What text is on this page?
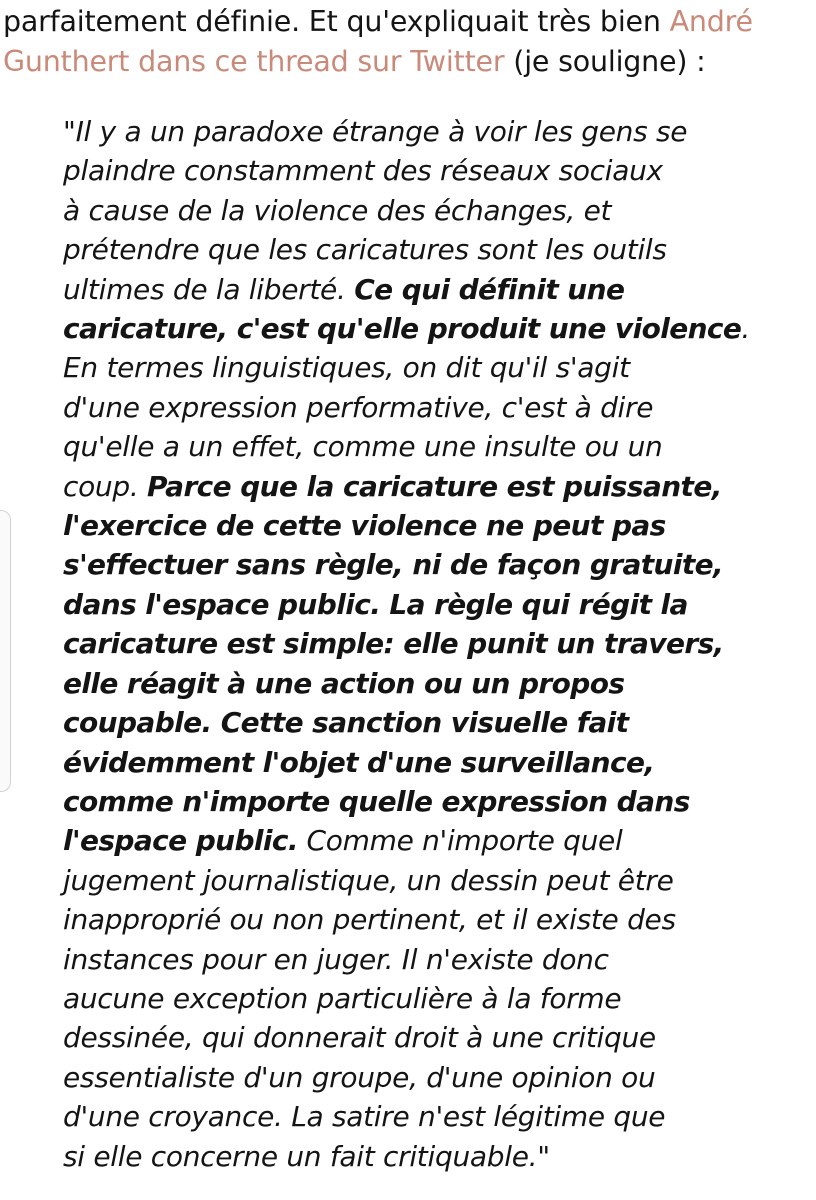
parfaitement définie. Et qu'expliquait très bien André
Gunthert dans ce thread sur Twitter (je souligne) :

"Il y a un paradoxe étrange à voir les gens se
plaindre constamment des réseaux sociaux
à cause de la violence des échanges, et
prétendre que les caricatures sont les outils
ultimes de la liberté. Ce qui définit une
caricature, c'est qu'elle produit une violence.
En termes linguistiques, on dit qu'il s'agit
d'une expression performative, c'est à dire
qu'elle a un effet, comme une insulte ou un
coup. Parce que la caricature est puissante,
l'exercice de cette violence ne peut pas
s'effectuer sans règle, ni de façon gratuite,
dans l'espace public. La règle qui régit la
caricature est simple: elle punit un travers,
elle réagit à une action ou un propos
coupable. Cette sanction visuelle fait
évidemment l'objet d'une surveillance,
comme n'importe quelle expression dans
l'espace public. Comme n'importe quel
jugement journalistique, un dessin peut être
inapproprié ou non pertinent, et il existe des
instances pour en juger. Il n'existe donc
aucune exception particulière à la forme
dessinée, qui donnerait droit à une critique
essentialiste d'un groupe, d'une opinion ou
d'une croyance. La satire n'est légitime que
si elle concerne un fait critiquable."
